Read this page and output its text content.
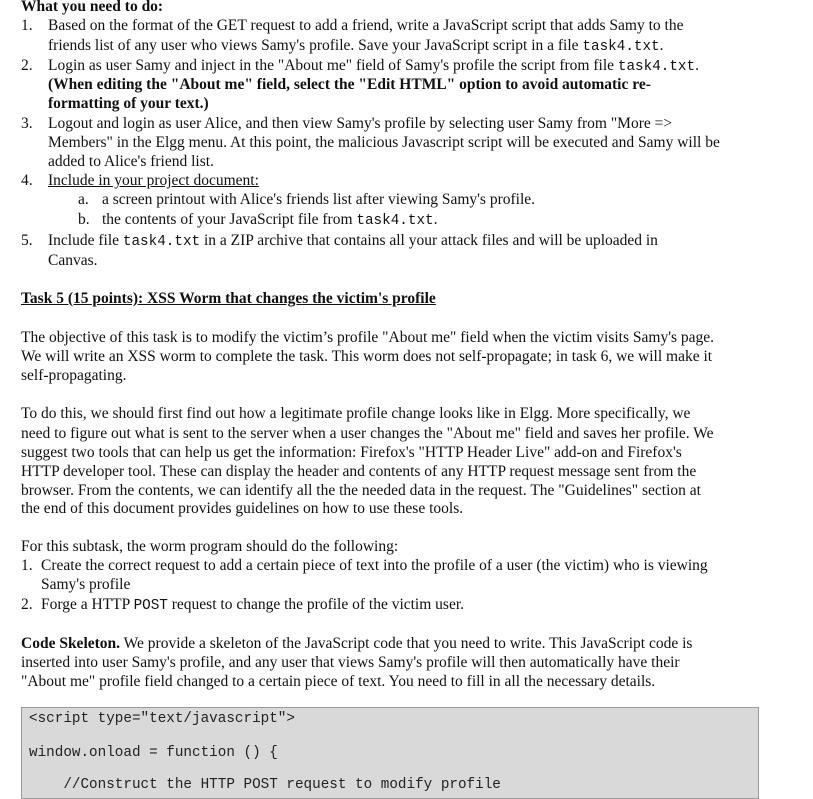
What you need to do:
1. Based on the format of the GET request to add a friend, write a JavaScript script that adds Samy to the
friends list of any user who views Samy's profile. Save your JavaScript script in a file task4.txt.
2. Login as user Samy and inject in the "About me" field of Samy's profile the script from file task4.txt.
(When editing the "About me" field, select the "Edit HTML" option to avoid automatic re-
formatting of your text.)
3. Logout and login as user Alice, and then view Samy's profile by selecting user Samy from "More =>
Members" in the Elgg menu. At this point, the malicious Javascript script will be executed and Samy will be
added to Alice's friend list.
4. Include in your project document:
a. a screen printout with Alice's friends list after viewing Samy's profile.
b. the contents of your JavaScript file from task4.txt.
5. Include file task4.txt in a ZIP archive that contains all your attack files and will be uploaded in
Canvas.
Task 5 (15 points): XSS Worm that changes the victim's profile
The objective of this task is to modify the victim’s profile "About me" field when the victim visits Samy's page.
We will write an XSS worm to complete the task. This worm does not self-propagate; in task 6, we will make it
self-propagating.
To do this, we should first find out how a legitimate profile change looks like in Elgg. More specifically, we
need to figure out what is sent to the server when a user changes the "About me" field and saves her profile. We
suggest two tools that can help us get the information: Firefox's "HTTP Header Live" add-on and Firefox's
HTTP developer tool. These can display the header and contents of any HTTP request message sent from the
browser. From the contents, we can identify all the the needed data in the request. The "Guidelines" section at
the end of this document provides guidelines on how to use these tools.
For this subtask, the worm program should do the following:
1. Create the correct request to add a certain piece of text into the profile of a user (the victim) who is viewing
Samy's profile
2. Forge a HTTP POST request to change the profile of the victim user.
Code Skeleton. We provide a skeleton of the JavaScript code that you need to write. This JavaScript code is
inserted into user Samy's profile, and any user that views Samy's profile will then automatically have their
"About me" profile field changed to a certain piece of text. You need to fill in all the necessary details.
<script type="text/javascript">
window.onload = function () {
//Construct the HTTP POST request to modify profile
